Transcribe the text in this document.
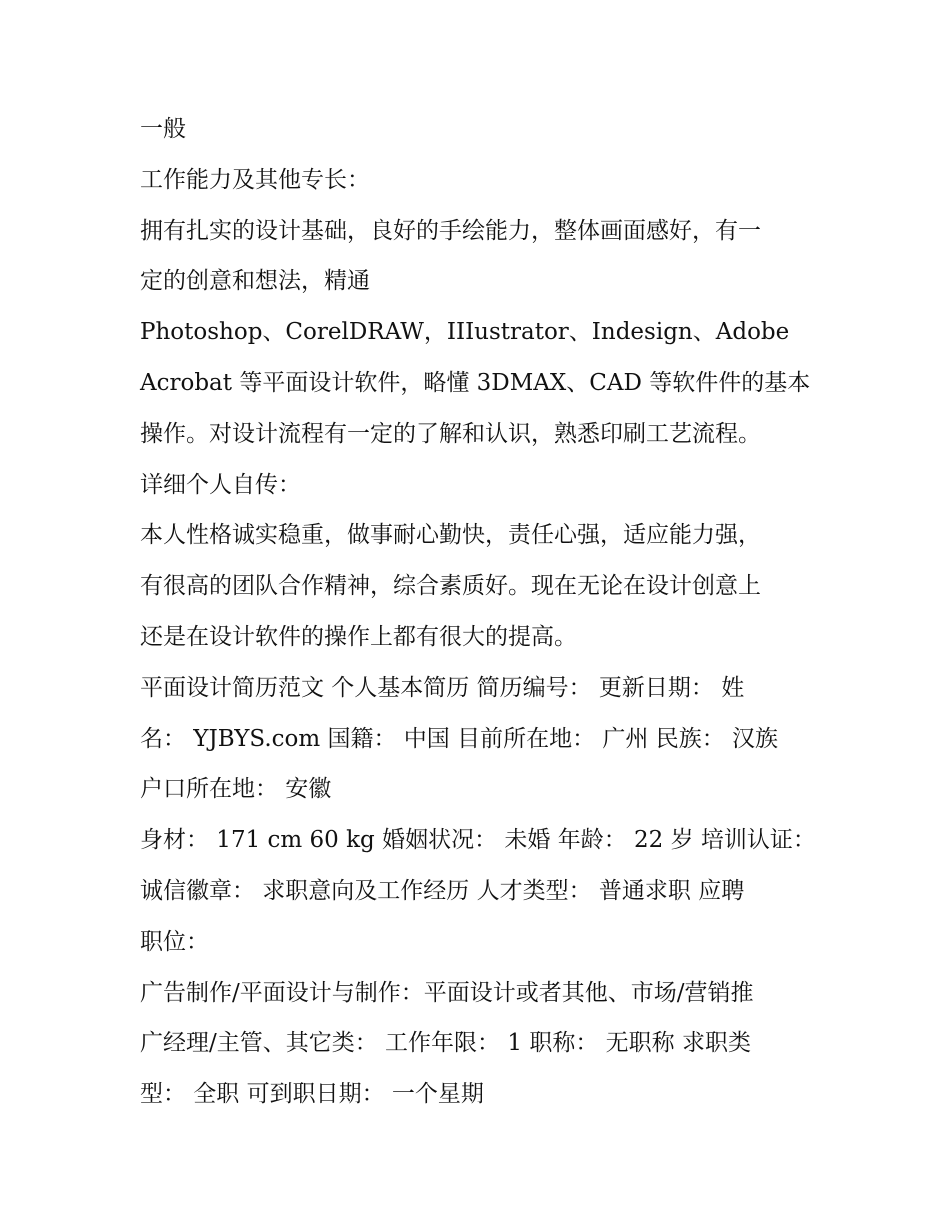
一般

工作能力及其他专长：

拥有扎实的设计基础，良好的手绘能力，整体画面感好，有一

定的创意和想法，精通

Photoshop、CorelDRAW，IIIustrator、Indesign、Adobe

Acrobat 等平面设计软件，略懂 3DMAX、CAD 等软件件的基本

操作。对设计流程有一定的了解和认识，熟悉印刷工艺流程。

详细个人自传：

本人性格诚实稳重，做事耐心勤快，责任心强，适应能力强，

有很高的团队合作精神，综合素质好。现在无论在设计创意上

还是在设计软件的操作上都有很大的提高。

平面设计简历范文 个人基本简历 简历编号： 更新日期： 姓

名： YJBYS.com 国籍： 中国 目前所在地： 广州 民族： 汉族

户口所在地： 安徽

身材： 171 cm 60 kg 婚姻状况： 未婚 年龄： 22 岁 培训认证：

诚信徽章： 求职意向及工作经历 人才类型： 普通求职 应聘

职位：

广告制作/平面设计与制作：平面设计或者其他、市场/营销推

广经理/主管、其它类： 工作年限： 1 职称： 无职称 求职类

型： 全职 可到职日期： 一个星期
